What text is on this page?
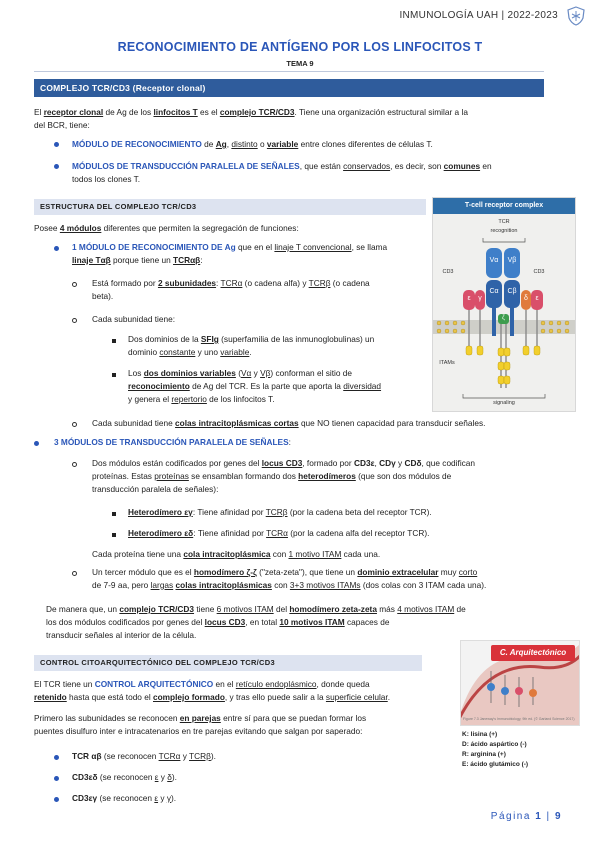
INMUNOLOGÍA UAH | 2022-2023
RECONOCIMIENTO DE ANTÍGENO POR LOS LINFOCITOS T
TEMA 9
COMPLEJO TCR/CD3 (Receptor clonal)
El receptor clonal de Ag de los linfocitos T es el complejo TCR/CD3. Tiene una organización estructural similar a la
del BCR, tiene:
MÓDULO DE RECONOCIMIENTO de Ag, distinto o variable entre clones diferentes de células T.
MÓDULOS DE TRANSDUCCIÓN PARALELA DE SEÑALES, que están conservados, es decir, son comunes en
todos los clones T.
ESTRUCTURA DEL COMPLEJO TCR/CD3
Posee 4 módulos diferentes que permiten la segregación de funciones:
1 MÓDULO DE RECONOCIMIENTO DE Ag que en el linaje T convencional, se llama
linaje Tαβ porque tiene un TCRαβ:
Está formado por 2 subunidades: TCRα (o cadena alfa) y TCRβ (o cadena
beta).
Cada subunidad tiene:
Dos dominios de la SFIg (superfamilia de las inmunoglobulinas) un
dominio constante y uno variable.
Los dos dominios variables (Vα y Vβ) conforman el sitio de
reconocimiento de Ag del TCR. Es la parte que aporta la diversidad
y genera el repertorio de los linfocitos T.
Cada subunidad tiene colas intracitoplásmicas cortas que NO tienen capacidad para transducir señales.
3 MÓDULOS DE TRANSDUCCIÓN PARALELA DE SEÑALES:
Dos módulos están codificados por genes del locus CD3, formado por CD3ε, CDγ y CDδ, que codifican
proteínas. Estas proteínas se ensamblan formando dos heterodímeros (que son dos módulos de
transducción paralela de señales):
Heterodímero εγ: Tiene afinidad por TCRβ (por la cadena beta del receptor TCR).
Heterodímero εδ: Tiene afinidad por TCRα (por la cadena alfa del receptor TCR).
Cada proteína tiene una cola intracitoplásmica con 1 motivo ITAM cada una.
Un tercer módulo que es el homodímero ζ-ζ ("zeta-zeta"), que tiene un dominio extracelular muy corto
de 7-9 aa, pero largas colas intracitoplásmicas con 3+3 motivos ITAMs (dos colas con 3 ITAM cada una).
De manera que, un complejo TCR/CD3 tiene 6 motivos ITAM del homodímero zeta-zeta más 4 motivos ITAM de
los dos módulos codificados por genes del locus CD3, en total 10 motivos ITAM capaces de
transducir señales al interior de la célula.
T-cell receptor complex
TCR
recognition
CD3	CD3
Vα	Vβ
Cα	Cβ
ε	γ	δ	ε
ζ
ITAMs
signaling
CONTROL CITOARQUITECTÓNICO DEL COMPLEJO TCR/CD3
El TCR tiene un CONTROL ARQUITECTÓNICO en el retículo endoplásmico, donde queda
retenido hasta que está todo el complejo formado, y tras ello puede salir a la superficie celular.
Primero las subunidades se reconocen en parejas entre sí para que se puedan formar los
puentes disulfuro inter e intracatenarios en tre parejas evitando que salgan por saperado:
TCR αβ (se reconocen TCRα y TCRβ).
CD3εδ (se reconocen ε y δ).
CD3εγ (se reconocen ε y γ).
C. Arquitectónico
Figure 7.3 Janeway's Immunobiology, 9th ed. (© Garland Science 2017)
K: lisina (+)
D: ácido aspártico (-)
R: arginina (+)
E: ácido glutámico (-)
Página 1 | 9
